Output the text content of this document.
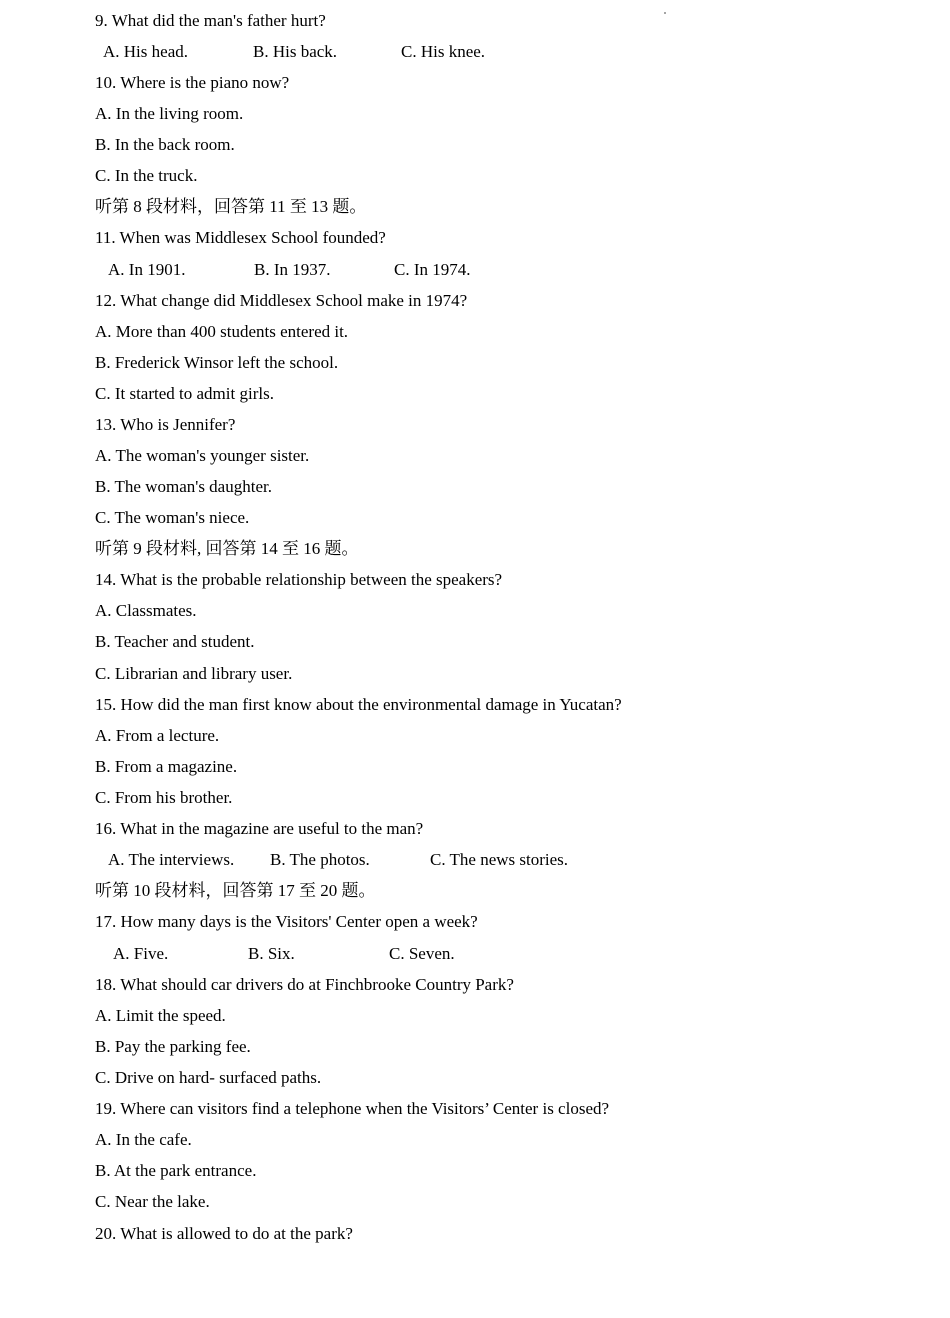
9. What did the man's father hurt?
A. His head.	B. His back.	C. His knee.
10. Where is the piano now?
A. In the living room.
B. In the back room.
C. In the truck.
听第 8 段材料，回答第 11 至 13 题。
11. When was Middlesex School founded?
A. In 1901.	B. In 1937.	C. In 1974.
12. What change did Middlesex School make in 1974?
A. More than 400 students entered it.
B. Frederick Winsor left the school.
C. It started to admit girls.
13. Who is Jennifer?
A. The woman's younger sister.
B. The woman's daughter.
C. The woman's niece.
听第 9 段材料, 回答第 14 至 16 题。
14. What is the probable relationship between the speakers?
A. Classmates.
B. Teacher and student.
C. Librarian and library user.
15. How did the man first know about the environmental damage in Yucatan?
A. From a lecture.
B. From a magazine.
C. From his brother.
16. What in the magazine are useful to the man?
A. The interviews. B. The photos.	C. The news stories.
听第 10 段材料，回答第 17 至 20 题。
17. How many days is the Visitors' Center open a week?
A. Five.	B. Six.	C. Seven.
18. What should car drivers do at Finchbrooke Country Park?
A. Limit the speed.
B. Pay the parking fee.
C. Drive on hard- surfaced paths.
19. Where can visitors find a telephone when the Visitors’ Center is closed?
A. In the cafe.
B. At the park entrance.
C. Near the lake.
20. What is allowed to do at the park?
